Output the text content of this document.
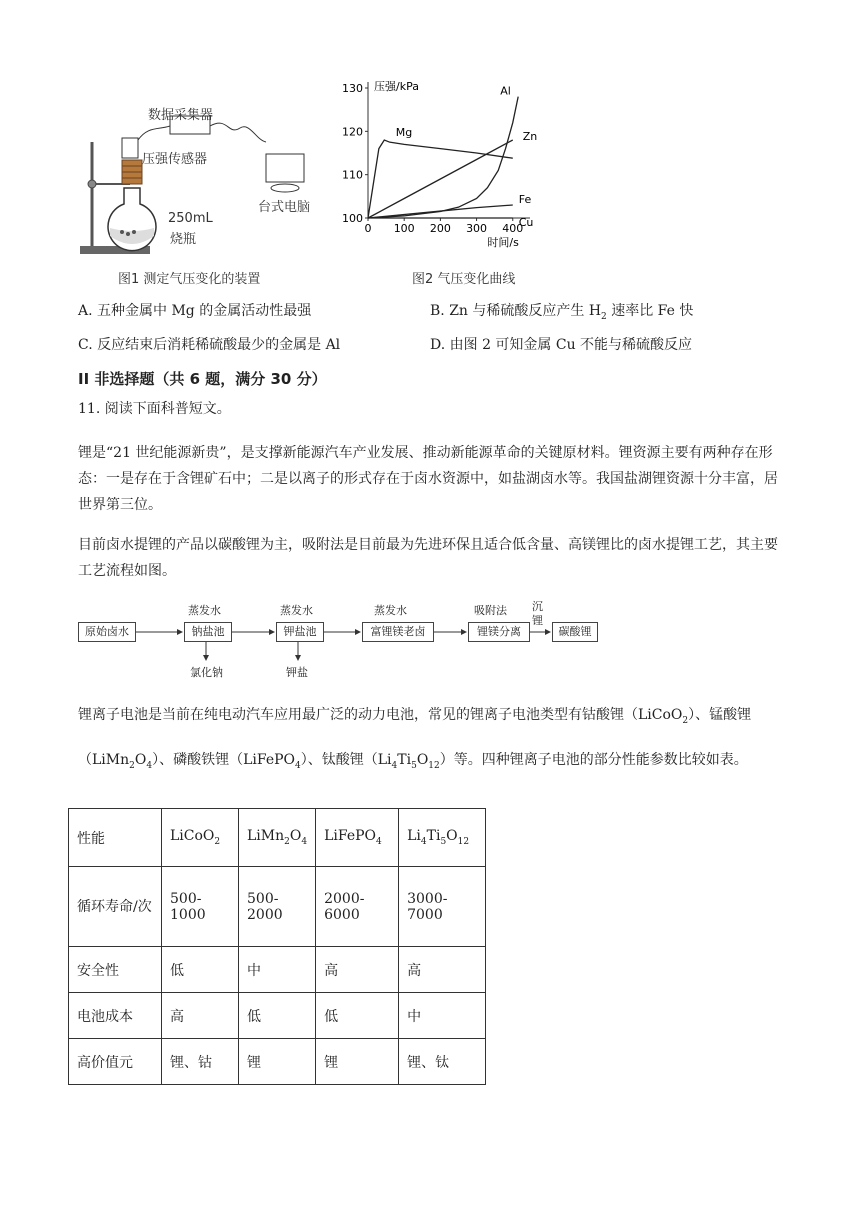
数据采集器
压强传感器
台式电脑
250mL
烧瓶
图1 测定气压变化的装置
0 100 200 300 400
100
110
120
130 压强/kPa
时间/s
Al
Mg	Zn
Fe
Cu
图2 气压变化曲线
A. 五种金属中 Mg 的金属活动性最强	B. Zn 与稀硫酸反应产生 $H_2$ 速率比 Fe 快
C. 反应结束后消耗稀硫酸最少的金属是 Al	D. 由图 2 可知金属 Cu 不能与稀硫酸反应
II 非选择题（共 6 题，满分 30 分）
11. 阅读下面科普短文。
锂是“21 世纪能源新贵”，是支撑新能源汽车产业发展、推动新能源革命的关键原材料。锂资源主要有两种存在形态：一是存在于含锂矿石中；二是以离子的形式存在于卤水资源中，如盐湖卤水等。我国盐湖锂资源十分丰富，居世界第三位。
目前卤水提锂的产品以碳酸锂为主，吸附法是目前最为先进环保且适合低含量、高镁锂比的卤水提锂工艺，其主要工艺流程如图。
原始卤水	钠盐池	钾盐池	富锂镁老卤	锂镁分离	碳酸锂
蒸发水	蒸发水	蒸发水	吸附法 沉
锂
氯化钠	钾盐
锂离子电池是当前在纯电动汽车应用最广泛的动力电池，常见的锂离子电池类型有钴酸锂（LiCoO$_2$）、锰酸锂$(LiMn_2O_4)$、磷酸铁锂（LiFePO$_4$）、钛酸锂$(Li_4Ti_5O_{12})$等。四种锂离子电池的部分性能参数比较如表。
性能	LiCoO$_2$	$LiMn_2O_4$	LiFePO$_4$	$Li_4Ti_5O_{12}$
循环寿命/次	500-1000	500-2000	2000-6000	3000-7000
安全性	低	中	高	高
电池成本	高	低	低	中
高价值元	锂、钴	锂	锂	锂、钛
